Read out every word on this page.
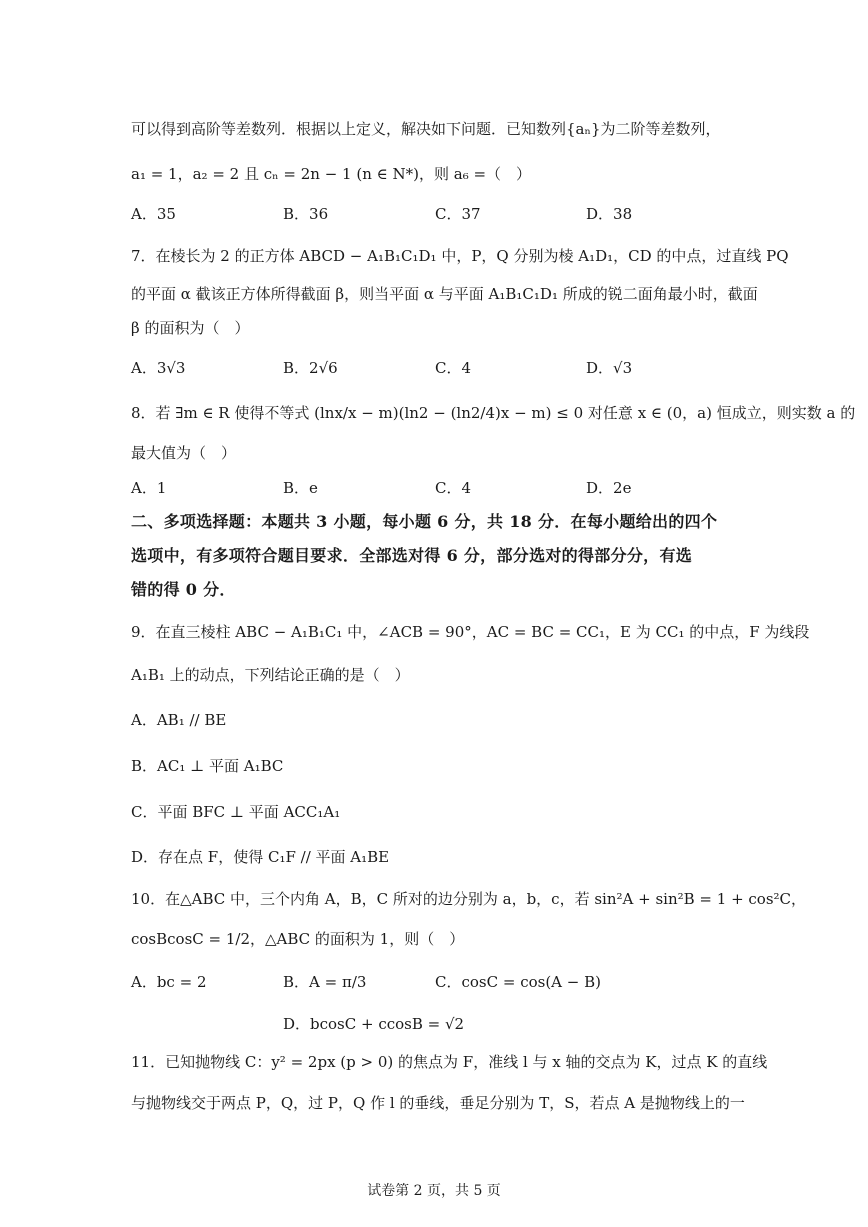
可以得到高阶等差数列．根据以上定义，解决如下问题．已知数列{aₙ}为二阶等差数列，
a₁ = 1，a₂ = 2 且 cₙ = 2n − 1 (n ∈ N*)，则 a₆ =（　）
A．35	B．36	C．37	D．38
7．在棱长为 2 的正方体 ABCD − A₁B₁C₁D₁ 中，P，Q 分别为棱 A₁D₁，CD 的中点，过直线 PQ
的平面 α 截该正方体所得截面 β，则当平面 α 与平面 A₁B₁C₁D₁ 所成的锐二面角最小时，截面
β 的面积为（　）
A．3√3	B．2√6	C．4	D．√3
8．若 ∃m ∈ R 使得不等式 (lnx/x − m)(ln2 − (ln2/4)x − m) ≤ 0 对任意 x ∈ (0，a) 恒成立，则实数 a 的
最大值为（　）
A．1	B．e	C．4	D．2e
二、多项选择题：本题共 3 小题，每小题 6 分，共 18 分．在每小题给出的四个
选项中，有多项符合题目要求．全部选对得 6 分，部分选对的得部分分，有选
错的得 0 分．
9．在直三棱柱 ABC − A₁B₁C₁ 中，∠ACB = 90°，AC = BC = CC₁，E 为 CC₁ 的中点，F 为线段
A₁B₁ 上的动点，下列结论正确的是（　）
A．AB₁ // BE
B．AC₁ ⊥ 平面 A₁BC
C．平面 BFC ⊥ 平面 ACC₁A₁
D．存在点 F，使得 C₁F // 平面 A₁BE
10．在△ABC 中，三个内角 A，B，C 所对的边分别为 a，b，c，若 sin²A + sin²B = 1 + cos²C，
cosBcosC = 1/2，△ABC 的面积为 1，则（　）
A．bc = 2	B．A = π/3	C．cosC = cos(A − B)
D．bcosC + ccosB = √2
11．已知抛物线 C：y² = 2px (p > 0) 的焦点为 F，准线 l 与 x 轴的交点为 K，过点 K 的直线
与抛物线交于两点 P，Q，过 P，Q 作 l 的垂线，垂足分别为 T，S，若点 A 是抛物线上的一
试卷第 2 页，共 5 页
